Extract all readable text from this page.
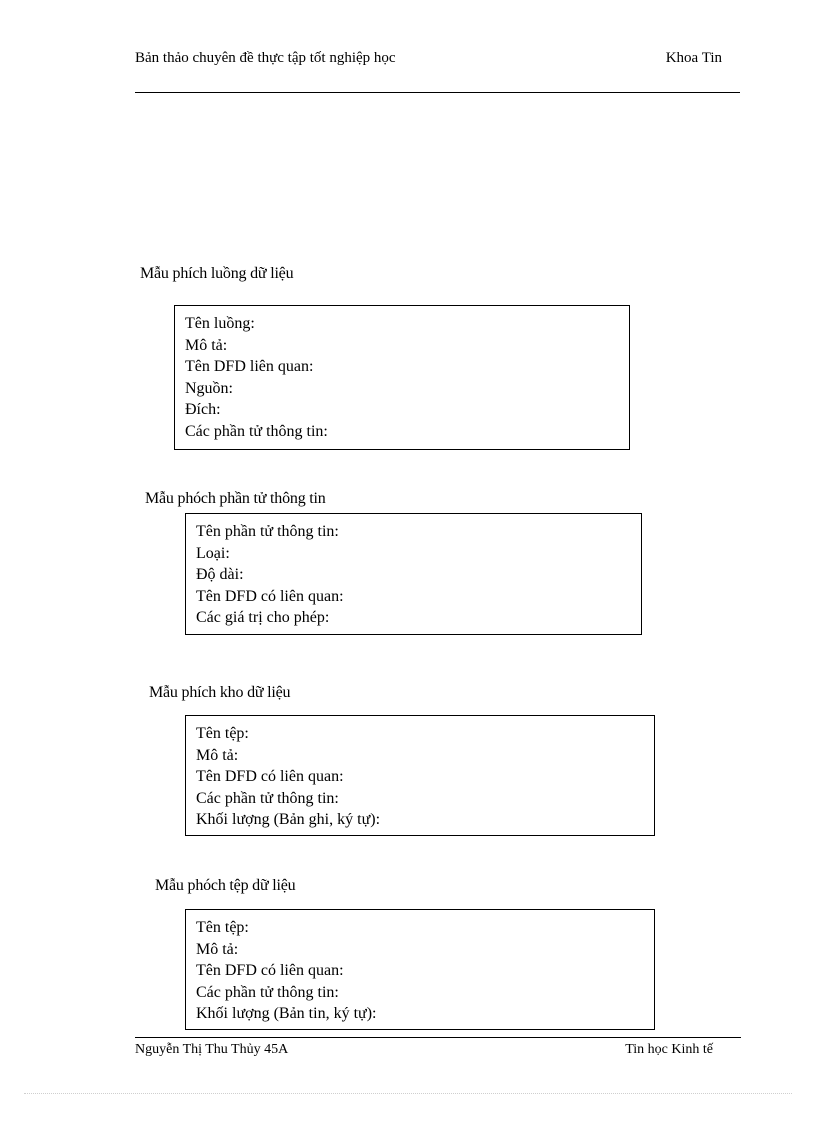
Bản thảo chuyên đề thực tập tốt nghiệp học	Khoa Tin
Mẫu phích luồng dữ liệu
Tên luồng:
Mô tả:
Tên DFD liên quan:
Nguồn:
Đích:
Các phần tử thông tin:
Mẫu phóch phần tử thông tin
Tên phần tử thông tin:
Loại:
Độ dài:
Tên DFD có liên quan:
Các giá trị cho phép:
Mẫu phích kho dữ liệu
Tên tệp:
Mô tả:
Tên DFD có liên quan:
Các phần tử thông tin:
Khối lượng (Bản ghi, ký tự):
Mẫu phóch tệp dữ liệu
Tên tệp:
Mô tả:
Tên DFD có liên quan:
Các phần tử thông tin:
Khối lượng (Bản tin, ký tự):
Nguyễn Thị Thu Thủy 45A	Tin học Kinh tế
